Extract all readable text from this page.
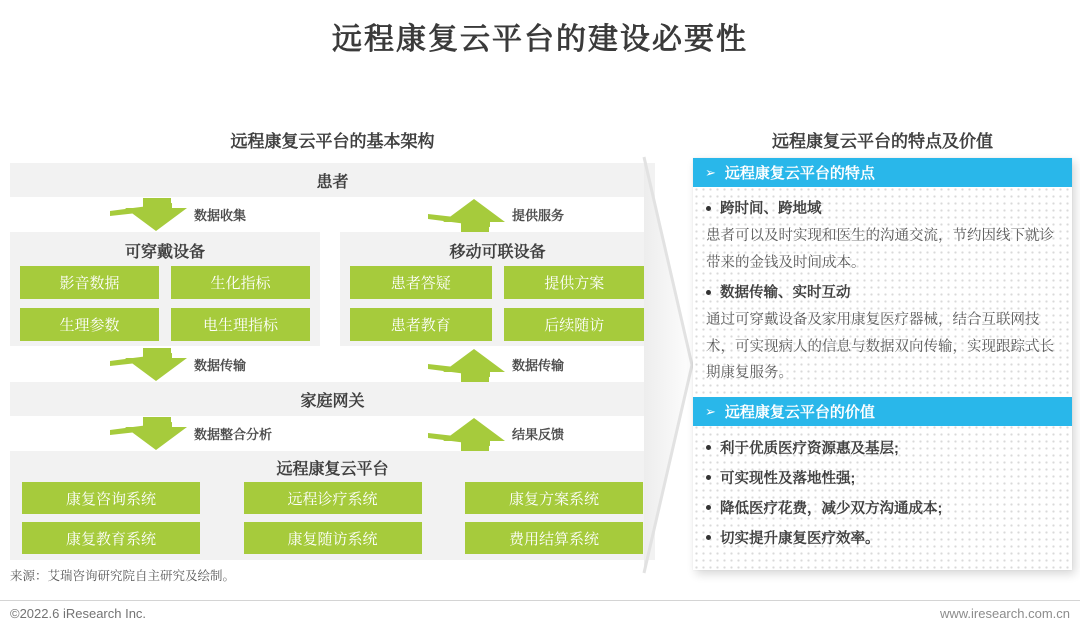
远程康复云平台的建设必要性
远程康复云平台的基本架构
患者
数据收集	提供服务
可穿戴设备
影音数据	生化指标
生理参数	电生理指标
移动可联设备
患者答疑	提供方案
患者教育	后续随访
数据传输	数据传输
家庭网关
数据整合分析	结果反馈
远程康复云平台
康复咨询系统	远程诊疗系统	康复方案系统
康复教育系统	康复随访系统	费用结算系统
远程康复云平台的特点及价值
➢ 远程康复云平台的特点
跨时间、跨地域

患者可以及时实现和医生的沟通交流，节约因线下就诊带来的金钱及时间成本。

数据传输、实时互动

通过可穿戴设备及家用康复医疗器械，结合互联网技术，可实现病人的信息与数据双向传输，实现跟踪式长期康复服务。

➢ 远程康复云平台的价值
利于优质医疗资源惠及基层;
可实现性及落地性强;
降低医疗花费，减少双方沟通成本;
切实提升康复医疗效率。
来源：艾瑞咨询研究院自主研究及绘制。
©2022.6 iResearch Inc.	www.iresearch.com.cn
